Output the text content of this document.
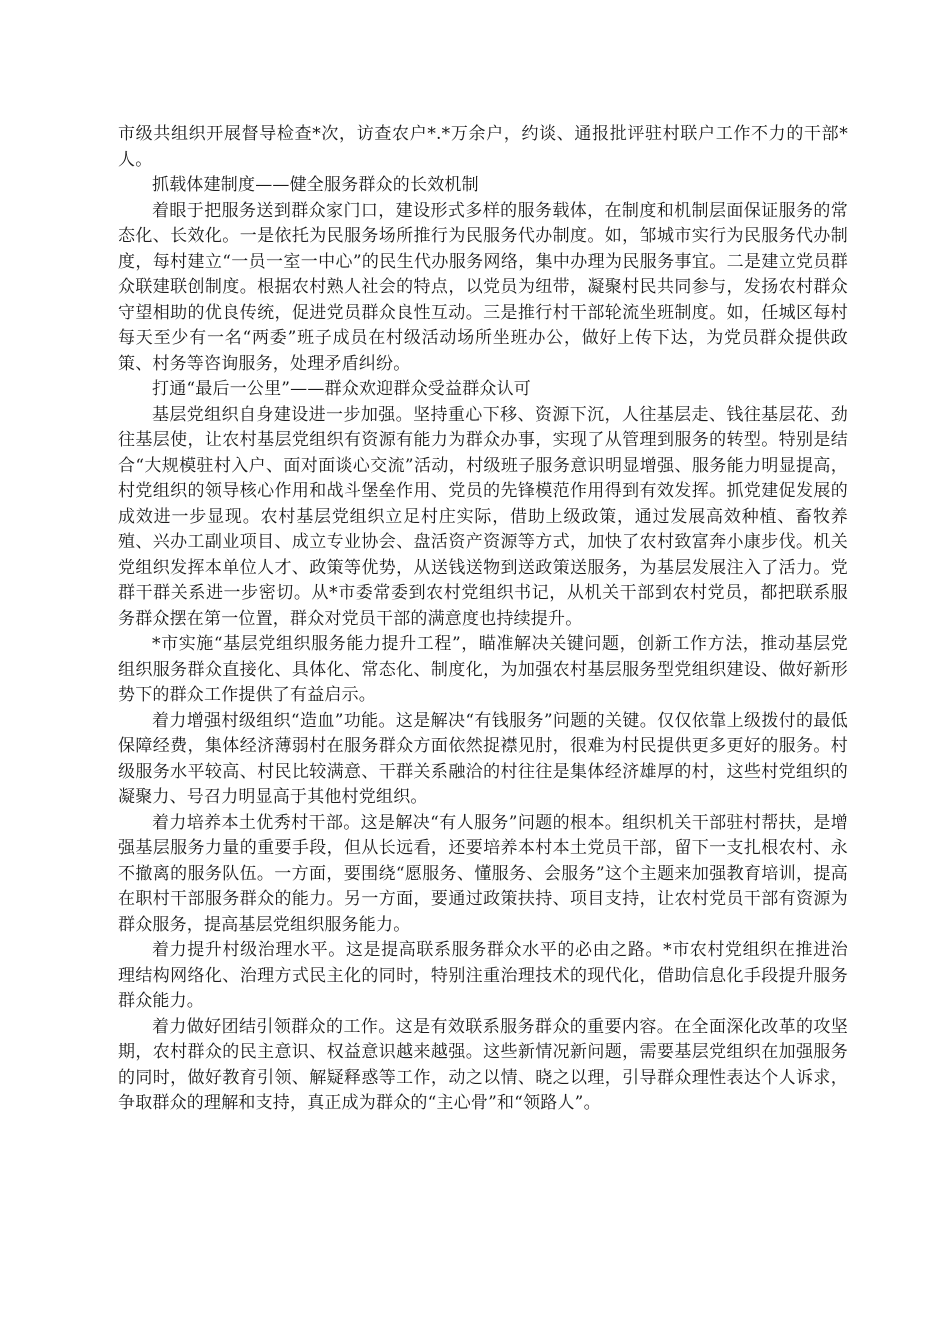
市级共组织开展督导检查*次，访查农户*.*万余户，约谈、通报批评驻村联户工作不力的干部*人。

抓载体建制度——健全服务群众的长效机制

着眼于把服务送到群众家门口，建设形式多样的服务载体，在制度和机制层面保证服务的常态化、长效化。一是依托为民服务场所推行为民服务代办制度。如，邹城市实行为民服务代办制度，每村建立“一员一室一中心”的民生代办服务网络，集中办理为民服务事宜。二是建立党员群众联建联创制度。根据农村熟人社会的特点，以党员为纽带，凝聚村民共同参与，发扬农村群众守望相助的优良传统，促进党员群众良性互动。三是推行村干部轮流坐班制度。如，任城区每村每天至少有一名“两委”班子成员在村级活动场所坐班办公，做好上传下达，为党员群众提供政策、村务等咨询服务，处理矛盾纠纷。

打通“最后一公里”——群众欢迎群众受益群众认可

基层党组织自身建设进一步加强。坚持重心下移、资源下沉，人往基层走、钱往基层花、劲往基层使，让农村基层党组织有资源有能力为群众办事，实现了从管理到服务的转型。特别是结合“大规模驻村入户、面对面谈心交流”活动，村级班子服务意识明显增强、服务能力明显提高，村党组织的领导核心作用和战斗堡垒作用、党员的先锋模范作用得到有效发挥。抓党建促发展的成效进一步显现。农村基层党组织立足村庄实际，借助上级政策，通过发展高效种植、畜牧养殖、兴办工副业项目、成立专业协会、盘活资产资源等方式，加快了农村致富奔小康步伐。机关党组织发挥本单位人才、政策等优势，从送钱送物到送政策送服务，为基层发展注入了活力。党群干群关系进一步密切。从*市委常委到农村党组织书记，从机关干部到农村党员，都把联系服务群众摆在第一位置，群众对党员干部的满意度也持续提升。

*市实施“基层党组织服务能力提升工程”，瞄准解决关键问题，创新工作方法，推动基层党组织服务群众直接化、具体化、常态化、制度化，为加强农村基层服务型党组织建设、做好新形势下的群众工作提供了有益启示。

着力增强村级组织“造血”功能。这是解决“有钱服务”问题的关键。仅仅依靠上级拨付的最低保障经费，集体经济薄弱村在服务群众方面依然捉襟见肘，很难为村民提供更多更好的服务。村级服务水平较高、村民比较满意、干群关系融洽的村往往是集体经济雄厚的村，这些村党组织的凝聚力、号召力明显高于其他村党组织。

着力培养本土优秀村干部。这是解决“有人服务”问题的根本。组织机关干部驻村帮扶，是增强基层服务力量的重要手段，但从长远看，还要培养本村本土党员干部，留下一支扎根农村、永不撤离的服务队伍。一方面，要围绕“愿服务、懂服务、会服务”这个主题来加强教育培训，提高在职村干部服务群众的能力。另一方面，要通过政策扶持、项目支持，让农村党员干部有资源为群众服务，提高基层党组织服务能力。

着力提升村级治理水平。这是提高联系服务群众水平的必由之路。*市农村党组织在推进治理结构网络化、治理方式民主化的同时，特别注重治理技术的现代化，借助信息化手段提升服务群众能力。

着力做好团结引领群众的工作。这是有效联系服务群众的重要内容。在全面深化改革的攻坚期，农村群众的民主意识、权益意识越来越强。这些新情况新问题，需要基层党组织在加强服务的同时，做好教育引领、解疑释惑等工作，动之以情、晓之以理，引导群众理性表达个人诉求，争取群众的理解和支持，真正成为群众的“主心骨”和“领路人”。
